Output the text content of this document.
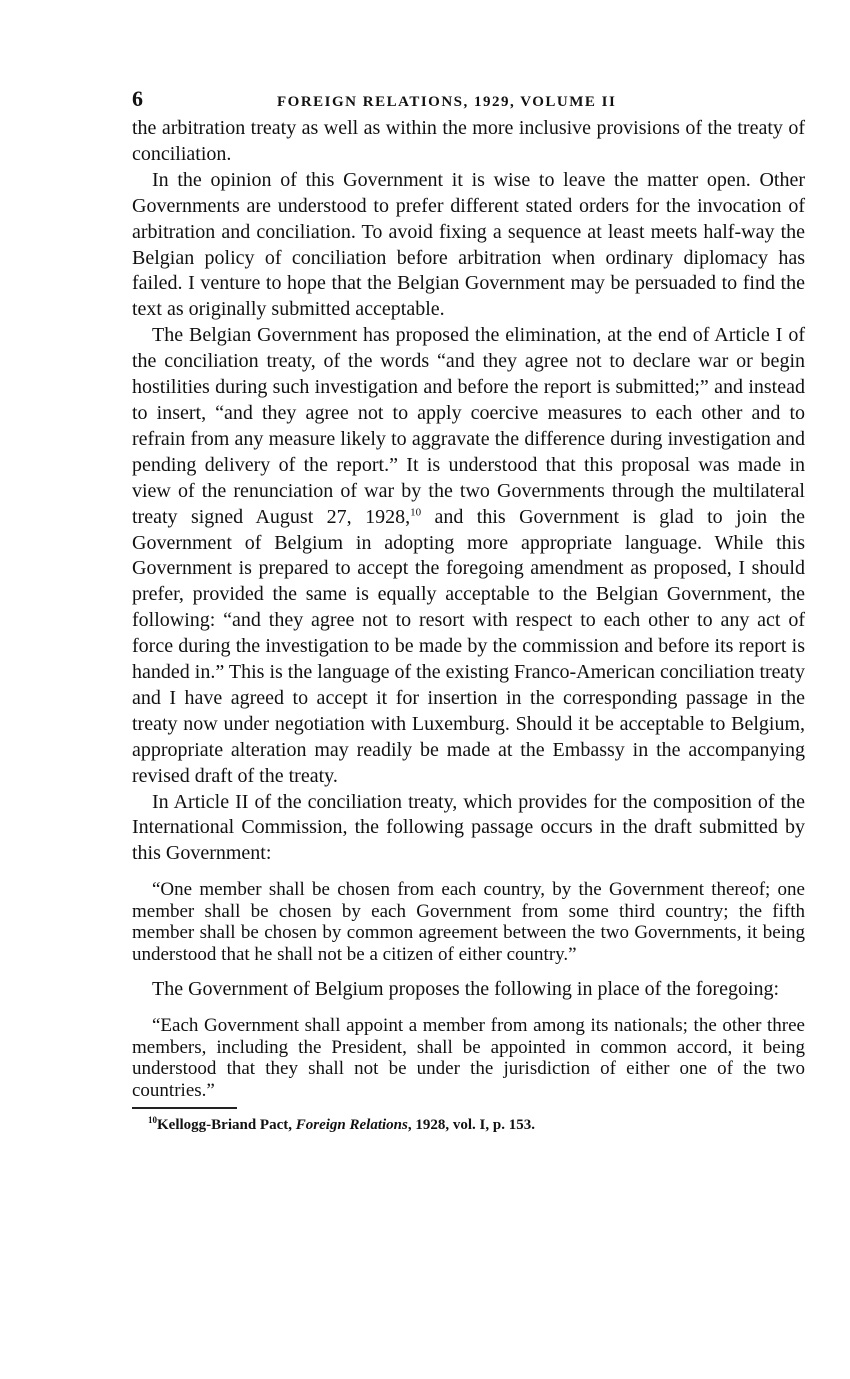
6	FOREIGN RELATIONS, 1929, VOLUME II

the arbitration treaty as well as within the more inclusive provisions of the treaty of conciliation.

In the opinion of this Government it is wise to leave the matter open. Other Governments are understood to prefer different stated orders for the invocation of arbitration and conciliation. To avoid fixing a sequence at least meets half-way the Belgian policy of conciliation before arbitration when ordinary diplomacy has failed. I venture to hope that the Belgian Government may be persuaded to find the text as originally submitted acceptable.

The Belgian Government has proposed the elimination, at the end of Article I of the conciliation treaty, of the words “and they agree not to declare war or begin hostilities during such investigation and before the report is submitted;” and instead to insert, “and they agree not to apply coercive measures to each other and to refrain from any measure likely to aggravate the difference during investigation and pending delivery of the report.” It is understood that this proposal was made in view of the renunciation of war by the two Governments through the multilateral treaty signed August 27, 1928,10 and this Government is glad to join the Government of Belgium in adopting more appropriate language. While this Government is prepared to accept the foregoing amendment as proposed, I should prefer, provided the same is equally acceptable to the Belgian Government, the following: “and they agree not to resort with respect to each other to any act of force during the investigation to be made by the commission and before its report is handed in.” This is the language of the existing Franco-American conciliation treaty and I have agreed to accept it for insertion in the corresponding passage in the treaty now under negotiation with Luxemburg. Should it be acceptable to Belgium, appropriate alteration may readily be made at the Embassy in the accompanying revised draft of the treaty.

In Article II of the conciliation treaty, which provides for the composition of the International Commission, the following passage occurs in the draft submitted by this Government:

“One member shall be chosen from each country, by the Government thereof; one member shall be chosen by each Government from some third country; the fifth member shall be chosen by common agreement between the two Governments, it being understood that he shall not be a citizen of either country.”

The Government of Belgium proposes the following in place of the foregoing:

“Each Government shall appoint a member from among its nationals; the other three members, including the President, shall be appointed in common accord, it being understood that they shall not be under the jurisdiction of either one of the two countries.”

$^{10}$Kellogg-Briand Pact, Foreign Relations, 1928, vol. I, p. 153.
